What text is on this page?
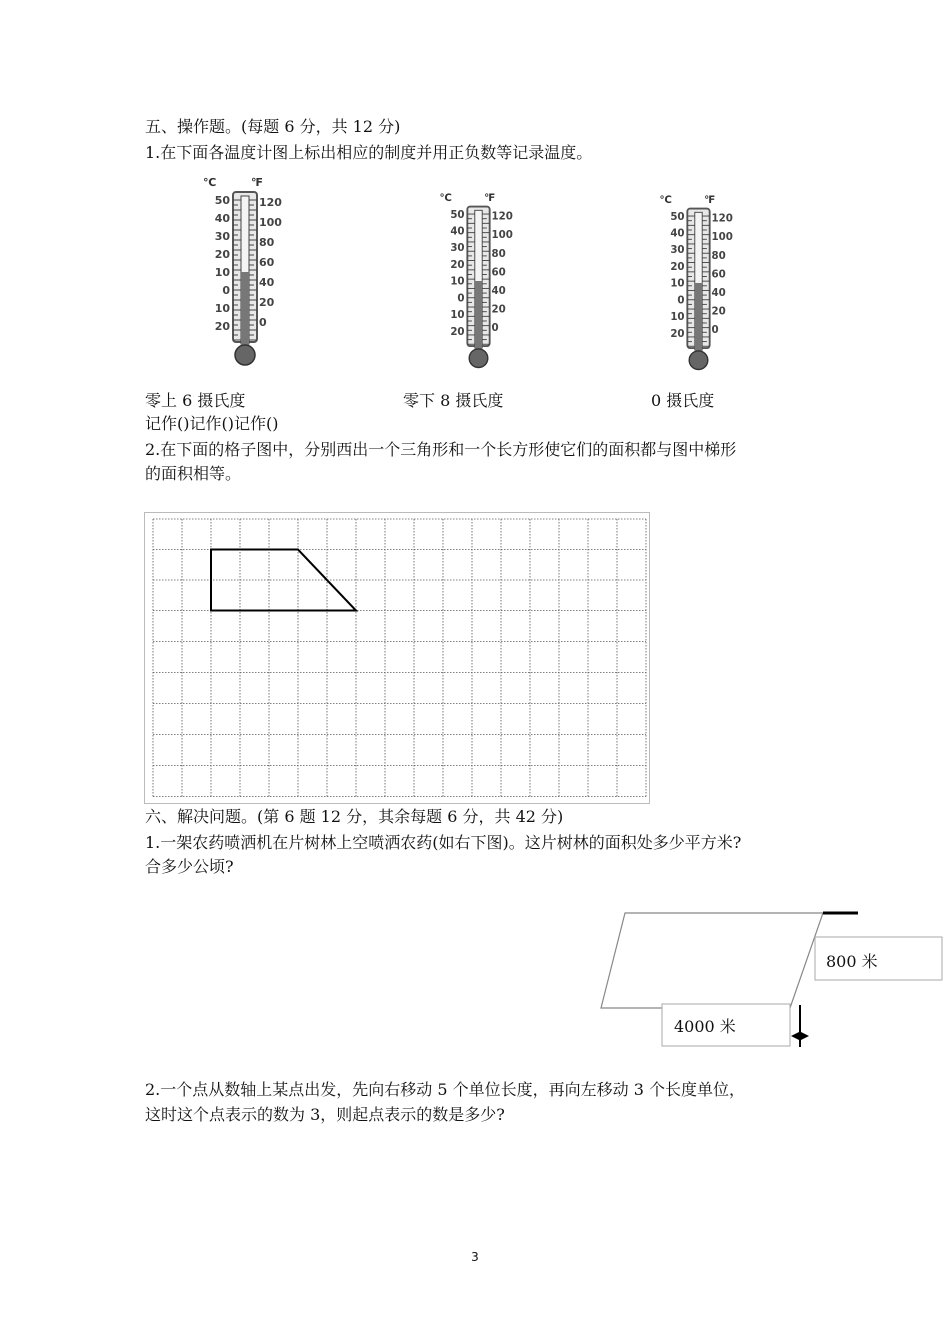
五、操作题。(每题 6 分，共 12 分)
1.在下面各温度计图上标出相应的制度并用正负数等记录温度。
℃	℉
50
40
30
20
10
0
10
20
120
100
80
60
40
20
0
℃	℉
50
40
30
20
10
0
10
20
120
100
80
60
40
20
0
℃	℉
50
40
30
20
10
0
10
20
120
100
80
60
40
20
0
零上 6 摄氏度	零下 8 摄氏度	0 摄氏度
记作()记作()记作()
2.在下面的格子图中，分别西出一个三角形和一个长方形使它们的面积都与图中梯形
的面积相等。
六、解决问题。(第 6 题 12 分，其余每题 6 分，共 42 分)
1.一架农药喷洒机在片树林上空喷洒农药(如右下图)。这片树林的面积处多少平方米?
合多少公顷?
800 米
4000 米
2.一个点从数轴上某点出发，先向右移动 5 个单位长度，再向左移动 3 个长度单位，
这时这个点表示的数为 3，则起点表示的数是多少?
3
